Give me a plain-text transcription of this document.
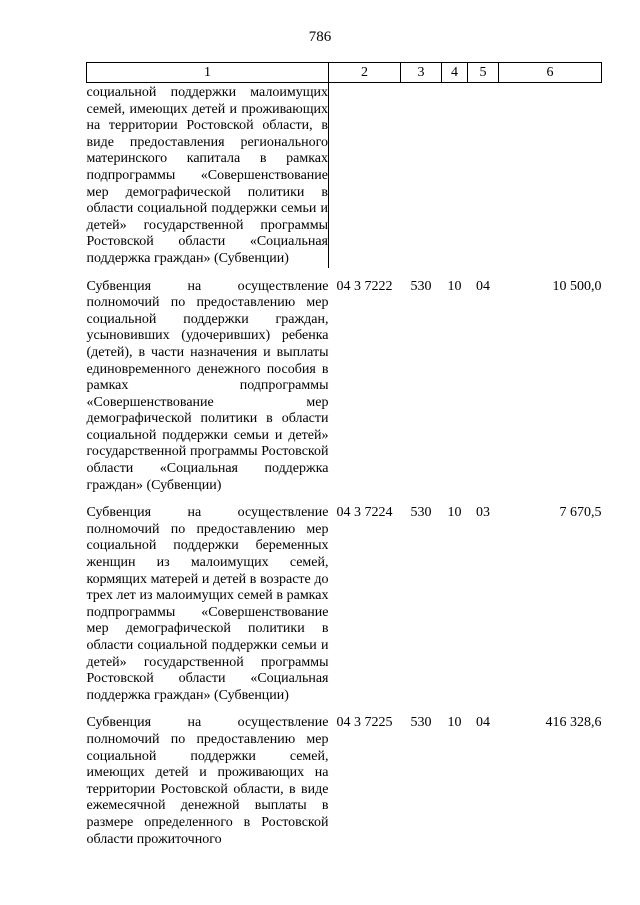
786
1	2	3	4	5	6
социальной поддержки малоимущих семей, имеющих детей и проживающих на территории Ростовской области, в виде предоставления регионального материнского капитала в рамках подпрограммы «Совершенствование мер демографической политики в области социальной поддержки семьи и детей» государственной программы Ростовской области «Социальная поддержка граждан» (Субвенции)					
Субвенция на осуществление полномочий по предоставлению мер социальной поддержки граждан, усыновивших (удочеривших) ребенка (детей), в части назначения и выплаты единовременного денежного пособия в рамках подпрограммы «Совершенствование мер демографической политики в области социальной поддержки семьи и детей» государственной программы Ростовской области «Социальная поддержка граждан» (Субвенции)	04 3 7222	530	10	04	10 500,0
Субвенция на осуществление полномочий по предоставлению мер социальной поддержки беременных женщин из малоимущих семей, кормящих матерей и детей в возрасте до трех лет из малоимущих семей в рамках подпрограммы «Совершенствование мер демографической политики в области социальной поддержки семьи и детей» государственной программы Ростовской области «Социальная поддержка граждан» (Субвенции)	04 3 7224	530	10	03	7 670,5
Субвенция на осуществление полномочий по предоставлению мер социальной поддержки семей, имеющих детей и проживающих на территории Ростовской области, в виде ежемесячной денежной выплаты в размере определенного в Ростовской области прожиточного	04 3 7225	530	10	04	416 328,6
